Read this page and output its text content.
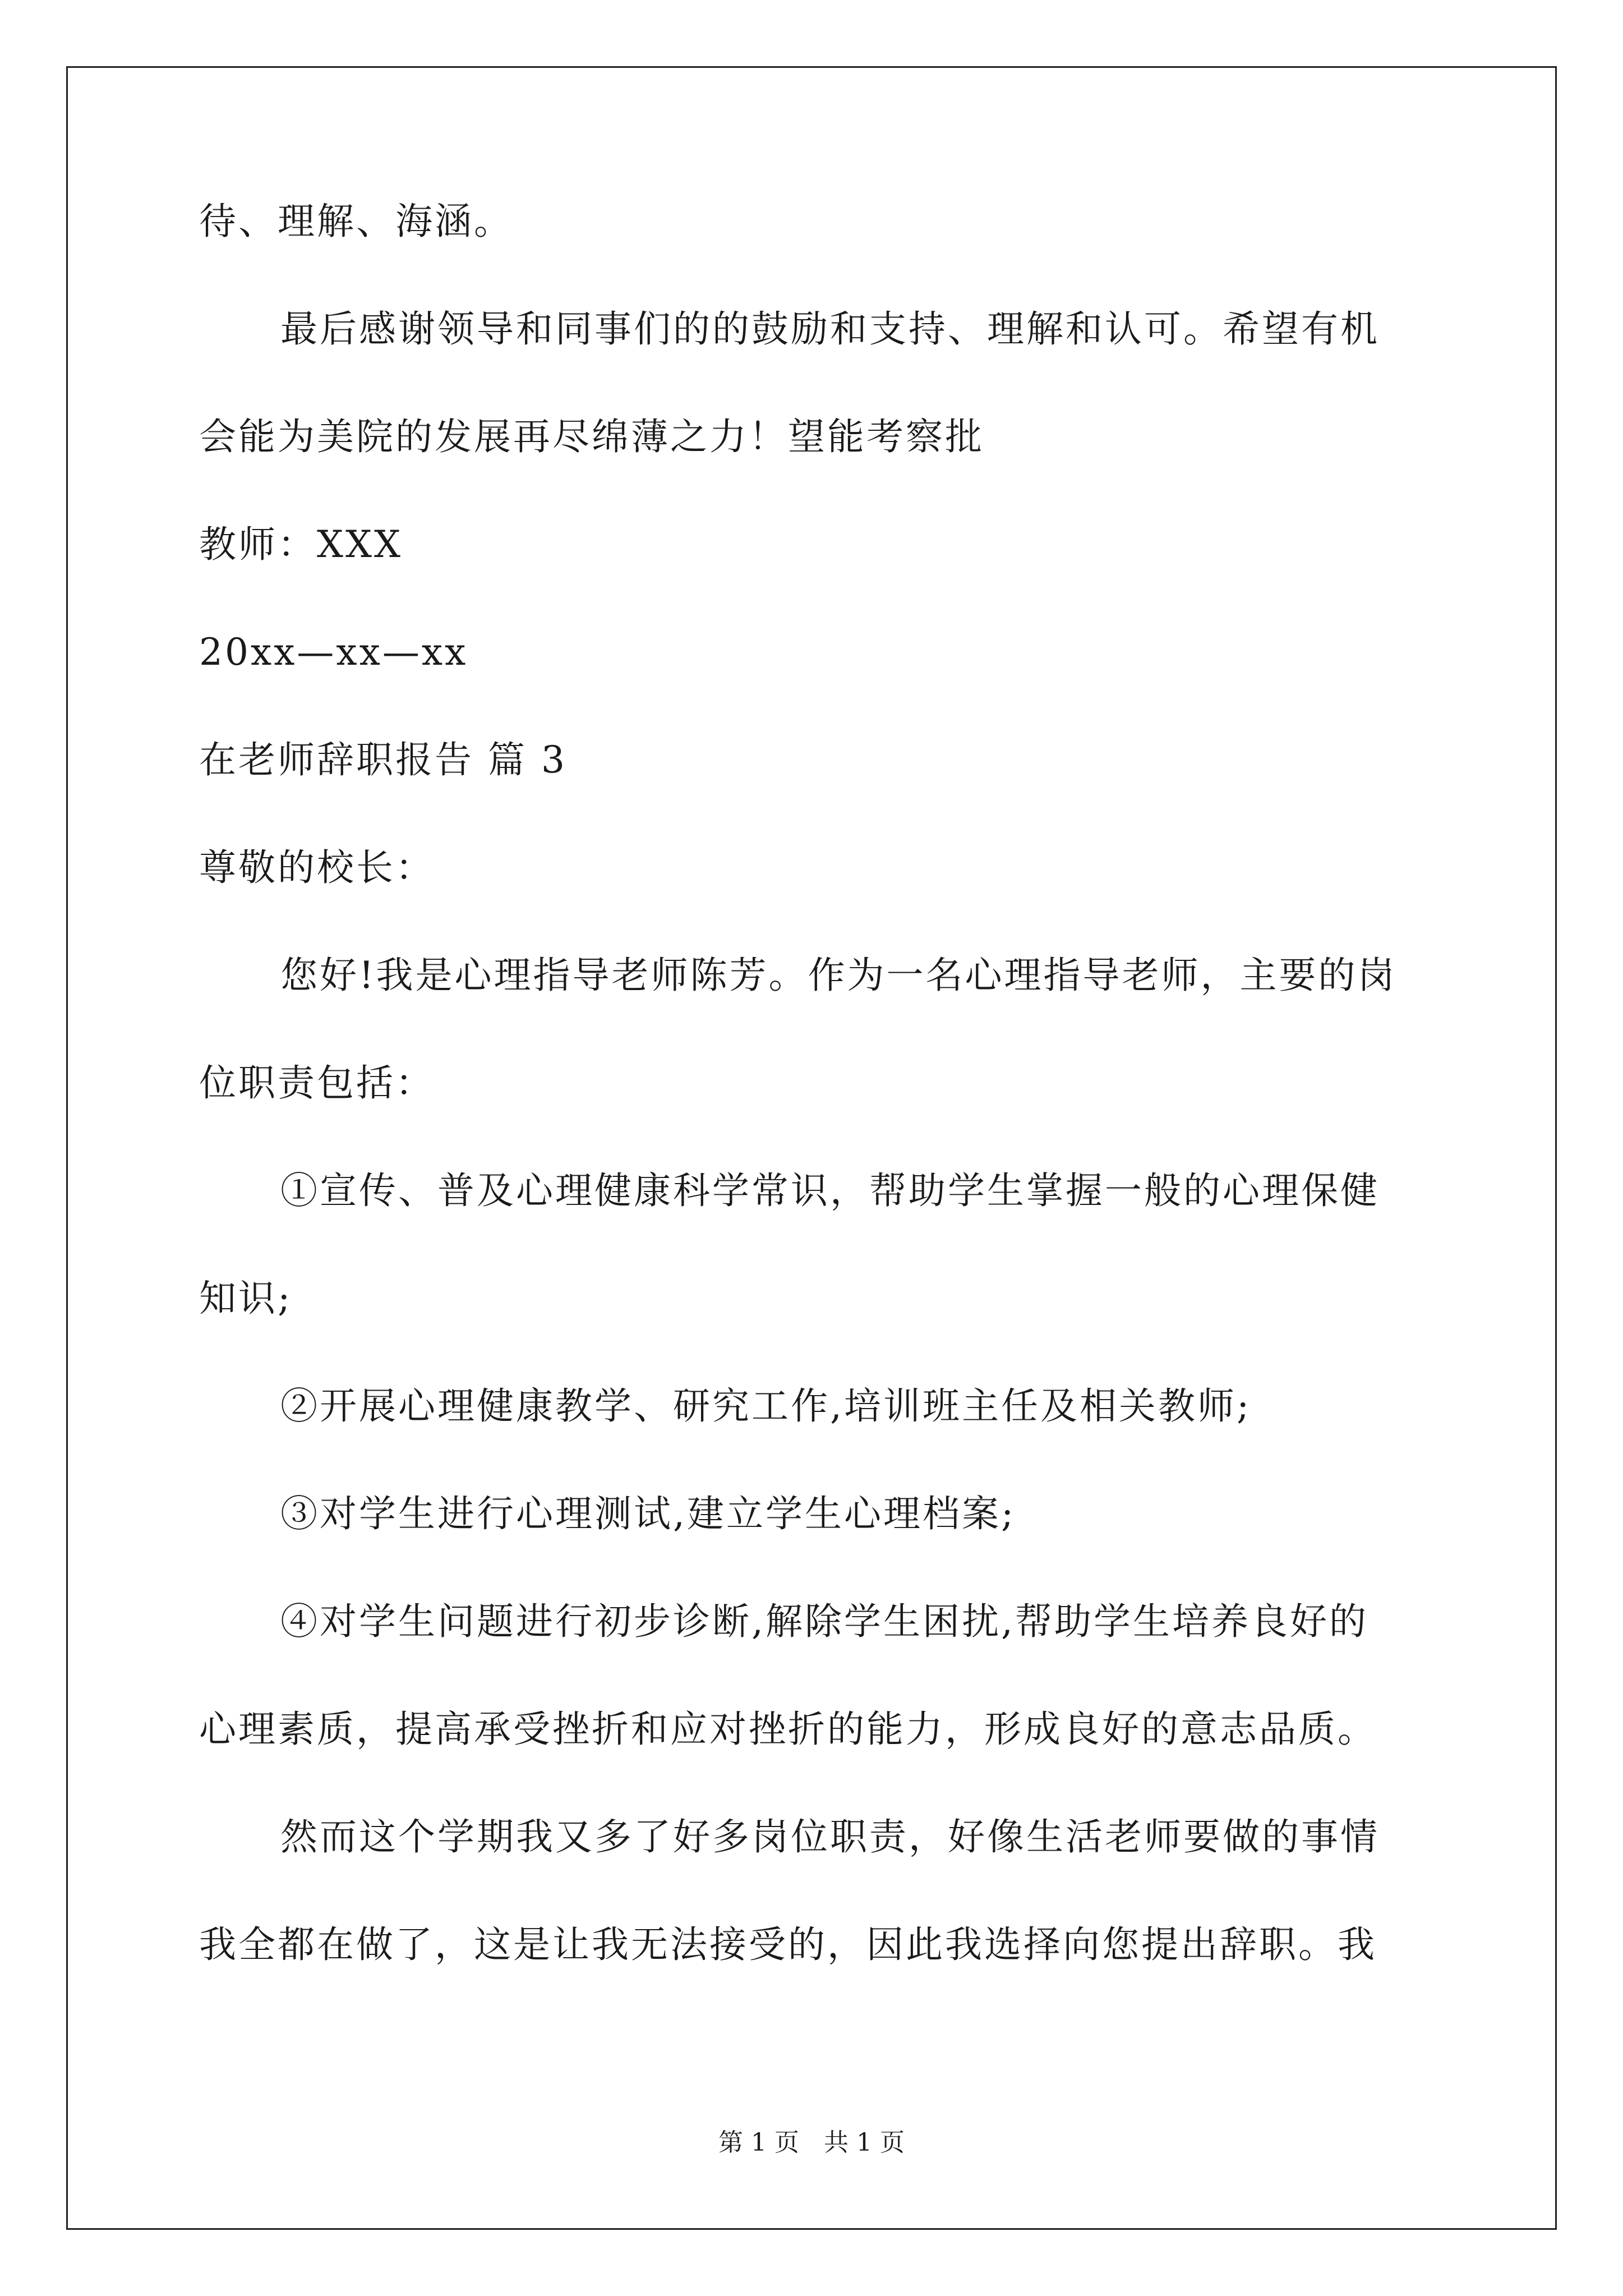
待、理解、海涵。
最后感谢领导和同事们的的鼓励和支持、理解和认可。希望有机
会能为美院的发展再尽绵薄之力！望能考察批
教师：XXX
20xx—xx—xx
在老师辞职报告 篇 3
尊敬的校长：
您好!我是心理指导老师陈芳。作为一名心理指导老师，主要的岗
位职责包括：
①宣传、普及心理健康科学常识，帮助学生掌握一般的心理保健
知识;
②开展心理健康教学、研究工作,培训班主任及相关教师;
③对学生进行心理测试,建立学生心理档案;
④对学生问题进行初步诊断,解除学生困扰,帮助学生培养良好的
心理素质，提高承受挫折和应对挫折的能力，形成良好的意志品质。
然而这个学期我又多了好多岗位职责，好像生活老师要做的事情
我全都在做了，这是让我无法接受的，因此我选择向您提出辞职。我
第 1 页　共 1 页
